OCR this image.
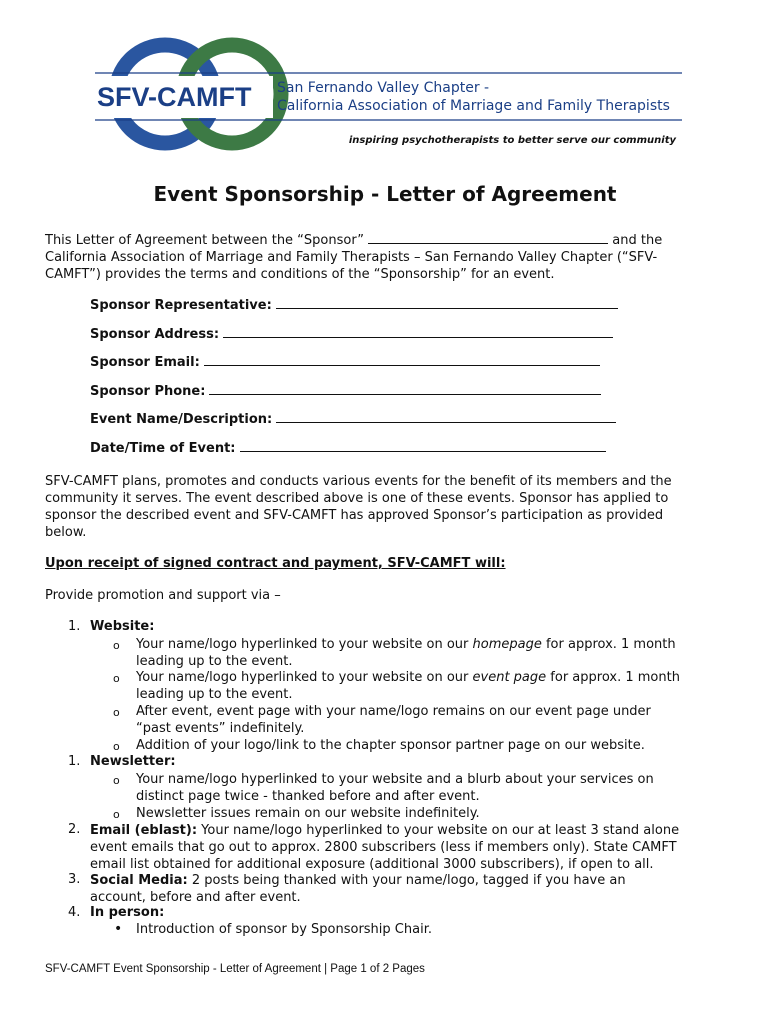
SFV-CAMFT San Fernando Valley Chapter -
California Association of Marriage and Family Therapists
inspiring psychotherapists to better serve our community
Event Sponsorship - Letter of Agreement
This Letter of Agreement between the “Sponsor”	and the
California Association of Marriage and Family Therapists – San Fernando Valley Chapter (“SFV-
CAMFT”) provides the terms and conditions of the “Sponsorship” for an event.
Sponsor Representative:
Sponsor Address:
Sponsor Email:
Sponsor Phone:
Event Name/Description:
Date/Time of Event:
SFV-CAMFT plans, promotes and conducts various events for the benefit of its members and the
community it serves. The event described above is one of these events. Sponsor has applied to
sponsor the described event and SFV-CAMFT has approved Sponsor’s participation as provided
below.
Upon receipt of signed contract and payment, SFV-CAMFT will:
Provide promotion and support via –
1. Website:
o Your name/logo hyperlinked to your website on our homepage for approx. 1 month
leading up to the event.
o Your name/logo hyperlinked to your website on our event page for approx. 1 month
leading up to the event.
o After event, event page with your name/logo remains on our event page under
“past events” indefinitely.
o Addition of your logo/link to the chapter sponsor partner page on our website.
1. Newsletter:
o Your name/logo hyperlinked to your website and a blurb about your services on
distinct page twice - thanked before and after event.
o Newsletter issues remain on our website indefinitely.
2. Email (eblast): Your name/logo hyperlinked to your website on our at least 3 stand alone
event emails that go out to approx. 2800 subscribers (less if members only). State CAMFT
email list obtained for additional exposure (additional 3000 subscribers), if open to all.
3. Social Media: 2 posts being thanked with your name/logo, tagged if you have an
account, before and after event.
4. In person:
• Introduction of sponsor by Sponsorship Chair.
SFV-CAMFT Event Sponsorship - Letter of Agreement | Page 1 of 2 Pages
